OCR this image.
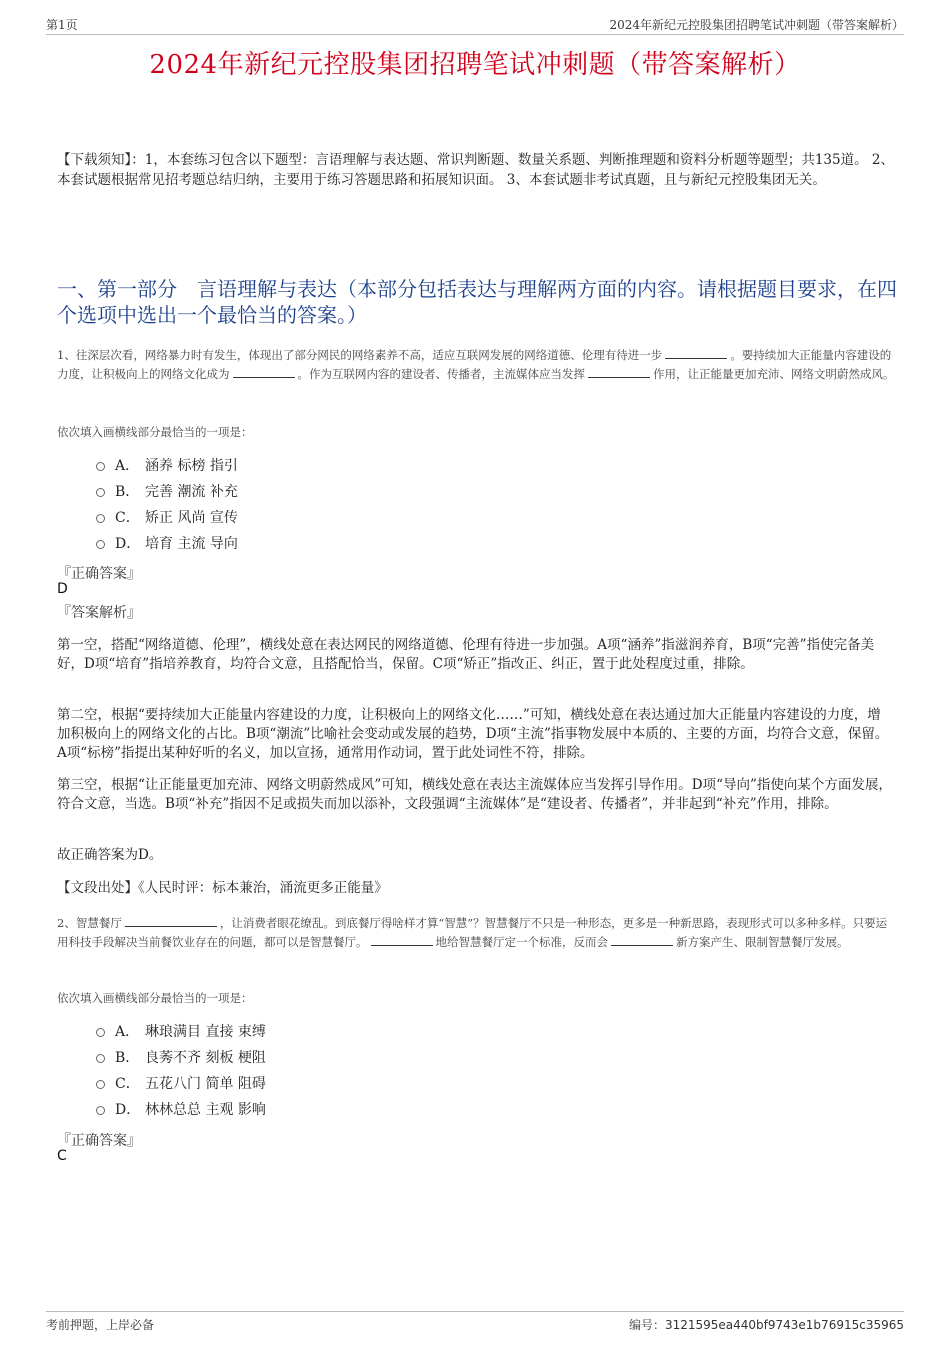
第1页	2024年新纪元控股集团招聘笔试冲刺题（带答案解析）
2024年新纪元控股集团招聘笔试冲刺题（带答案解析）
【下载须知】：1，本套练习包含以下题型：言语理解与表达题、常识判断题、数量关系题、判断推理题和资料分析题等题型；共135道。 2、本套试题根据常见招考题总结归纳，主要用于练习答题思路和拓展知识面。 3、本套试题非考试真题，且与新纪元控股集团无关。
一、第一部分　言语理解与表达（本部分包括表达与理解两方面的内容。请根据题目要求，在四个选项中选出一个最恰当的答案。）
1、往深层次看，网络暴力时有发生，体现出了部分网民的网络素养不高，适应互联网发展的网络道德、伦理有待进一步	。要持续加大正能量内容建设的力度，让积极向上的网络文化成为	。作为互联网内容的建设者、传播者，主流媒体应当发挥	作用，让正能量更加充沛、网络文明蔚然成风。
依次填入画横线部分最恰当的一项是：
A． 涵养 标榜 指引
B． 完善 潮流 补充
C． 矫正 风尚 宣传
D． 培育 主流 导向
『正确答案』
D
『答案解析』
第一空，搭配“网络道德、伦理”，横线处意在表达网民的网络道德、伦理有待进一步加强。A项“涵养”指滋润养育，B项“完善”指使完备美好，D项“培育”指培养教育，均符合文意，且搭配恰当，保留。C项“矫正”指改正、纠正，置于此处程度过重，排除。
第二空，根据“要持续加大正能量内容建设的力度，让积极向上的网络文化……”可知，横线处意在表达通过加大正能量内容建设的力度，增加积极向上的网络文化的占比。B项“潮流”比喻社会变动或发展的趋势，D项“主流”指事物发展中本质的、主要的方面，均符合文意，保留。A项“标榜”指提出某种好听的名义，加以宣扬，通常用作动词，置于此处词性不符，排除。
第三空，根据“让正能量更加充沛、网络文明蔚然成风”可知，横线处意在表达主流媒体应当发挥引导作用。D项“导向”指使向某个方面发展，符合文意，当选。B项“补充”指因不足或损失而加以添补，文段强调“主流媒体”是“建设者、传播者”，并非起到“补充”作用，排除。
故正确答案为D。
【文段出处】《人民时评：标本兼治，涌流更多正能量》
2、智慧餐厅	，让消费者眼花缭乱。到底餐厅得啥样才算“智慧”？智慧餐厅不只是一种形态，更多是一种新思路，表现形式可以多种多样。只要运用科技手段解决当前餐饮业存在的问题，都可以是智慧餐厅。	地给智慧餐厅定一个标准，反而会	新方案产生、限制智慧餐厅发展。
依次填入画横线部分最恰当的一项是：
A． 琳琅满目 直接 束缚
B． 良莠不齐 刻板 梗阻
C． 五花八门 简单 阻碍
D． 林林总总 主观 影响
『正确答案』
C
考前押题，上岸必备	编号：3121595ea440bf9743e1b76915c35965
